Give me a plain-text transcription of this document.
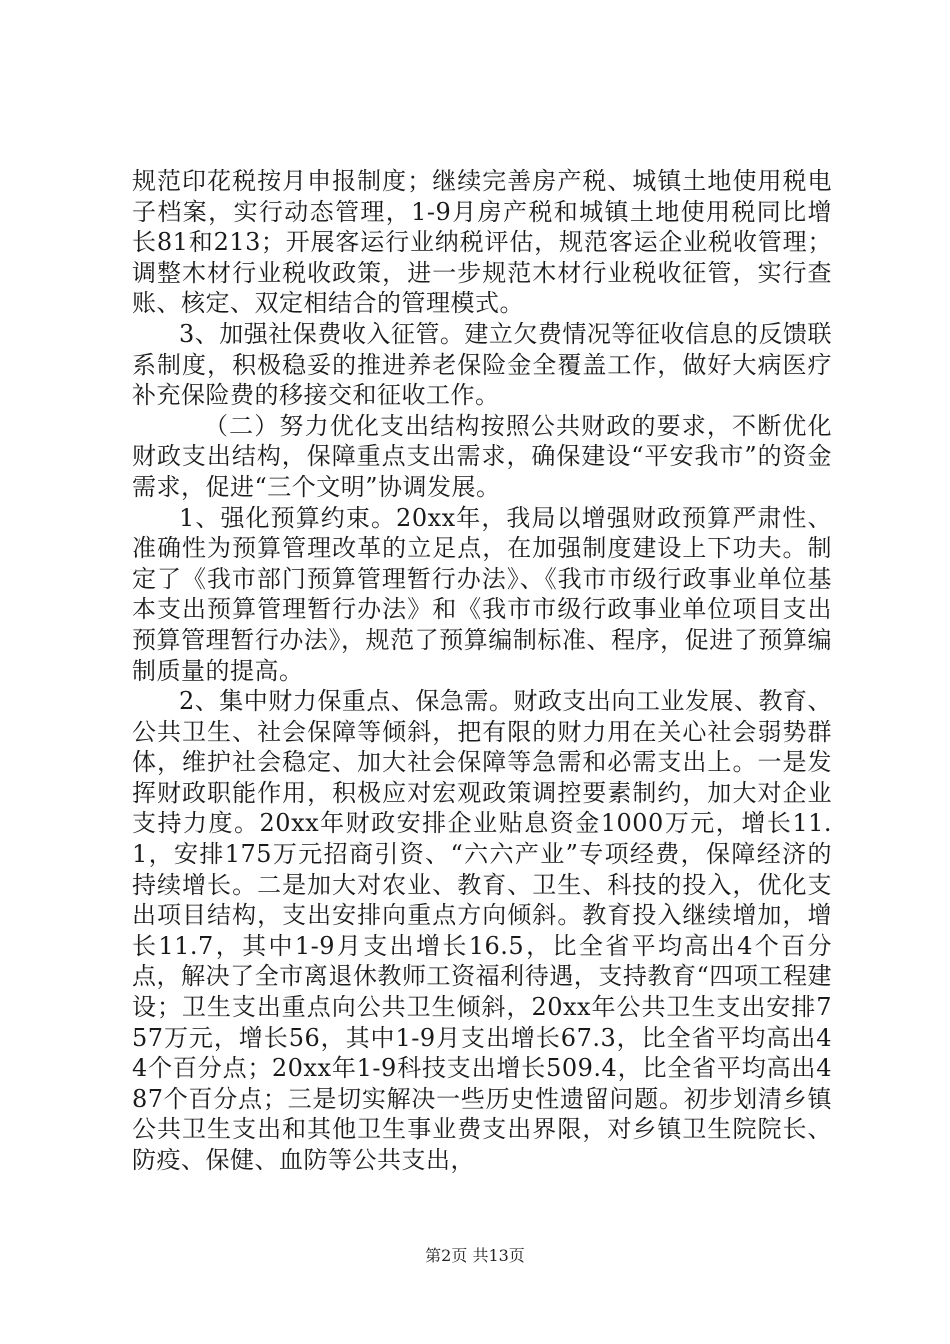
规范印花税按月申报制度；继续完善房产税、城镇土地使用税电子档案，实行动态管理，1-9月房产税和城镇土地使用税同比增长81和213；开展客运行业纳税评估，规范客运企业税收管理；调整木材行业税收政策，进一步规范木材行业税收征管，实行查账、核定、双定相结合的管理模式。

3、加强社保费收入征管。建立欠费情况等征收信息的反馈联系制度，积极稳妥的推进养老保险金全覆盖工作，做好大病医疗补充保险费的移接交和征收工作。

（二）努力优化支出结构按照公共财政的要求，不断优化财政支出结构，保障重点支出需求，确保建设“平安我市”的资金需求，促进“三个文明”协调发展。

1、强化预算约束。20xx年，我局以增强财政预算严肃性、准确性为预算管理改革的立足点，在加强制度建设上下功夫。制定了《我市部门预算管理暂行办法》、《我市市级行政事业单位基本支出预算管理暂行办法》和《我市市级行政事业单位项目支出预算管理暂行办法》，规范了预算编制标准、程序，促进了预算编制质量的提高。

2、集中财力保重点、保急需。财政支出向工业发展、教育、公共卫生、社会保障等倾斜，把有限的财力用在关心社会弱势群体，维护社会稳定、加大社会保障等急需和必需支出上。一是发挥财政职能作用，积极应对宏观政策调控要素制约，加大对企业支持力度。20xx年财政安排企业贴息资金1000万元，增长11.1，安排175万元招商引资、“六六产业”专项经费，保障经济的持续增长。二是加大对农业、教育、卫生、科技的投入，优化支出项目结构，支出安排向重点方向倾斜。教育投入继续增加，增长11.7，其中1-9月支出增长16.5，比全省平均高出4个百分点，解决了全市离退休教师工资福利待遇，支持教育“四项工程建设；卫生支出重点向公共卫生倾斜，20xx年公共卫生支出安排757万元，增长56，其中1-9月支出增长67.3，比全省平均高出44个百分点；20xx年1-9科技支出增长509.4，比全省平均高出487个百分点；三是切实解决一些历史性遗留问题。初步划清乡镇公共卫生支出和其他卫生事业费支出界限，对乡镇卫生院院长、防疫、保健、血防等公共支出，

第2页 共13页
